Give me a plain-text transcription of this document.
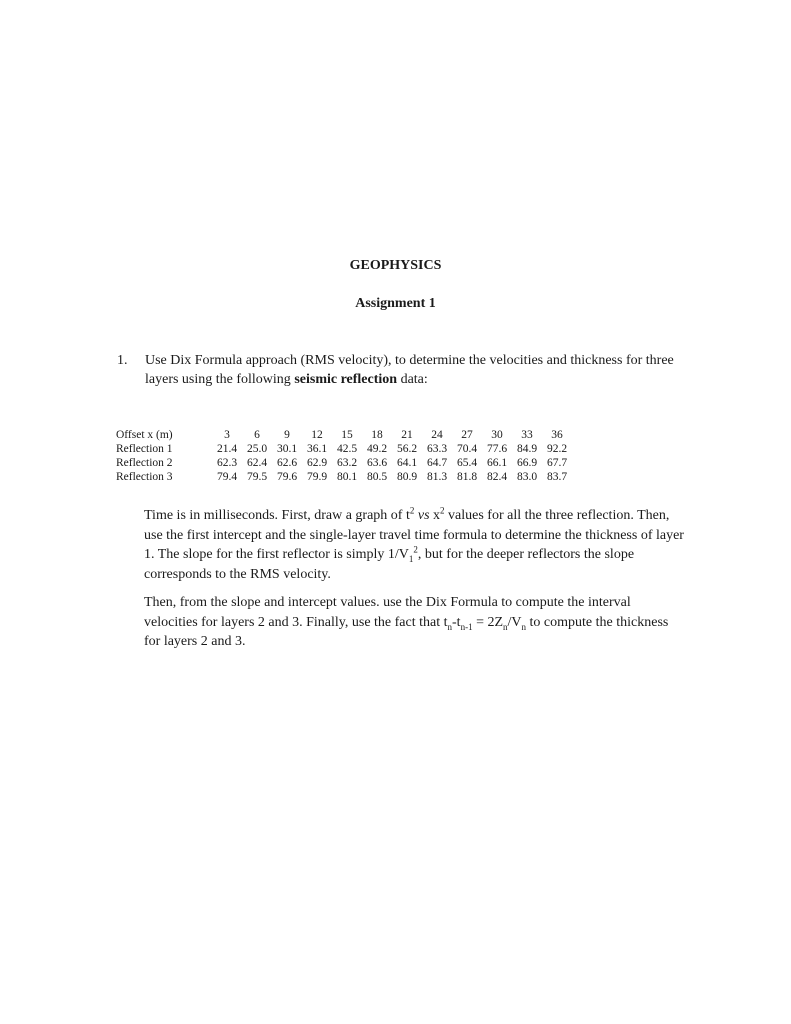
GEOPHYSICS
Assignment 1
1. Use Dix Formula approach (RMS velocity), to determine the velocities and thickness for three layers using the following seismic reflection data:
Offset x (m)	3	6	9	12	15	18	21	24	27	30	33	36
Reflection 1	21.4	25.0	30.1	36.1	42.5	49.2	56.2	63.3	70.4	77.6	84.9	92.2
Reflection 2	62.3	62.4	62.6	62.9	63.2	63.6	64.1	64.7	65.4	66.1	66.9	67.7
Reflection 3	79.4	79.5	79.6	79.9	80.1	80.5	80.9	81.3	81.8	82.4	83.0	83.7

Time is in milliseconds. First, draw a graph of $t^2$ vs $x^2$ values for all the three reflection. Then, use the first intercept and the single-layer travel time formula to determine the thickness of layer 1. The slope for the first reflector is simply $1/V_1^2$, but for the deeper reflectors the slope corresponds to the RMS velocity.

Then, from the slope and intercept values. use the Dix Formula to compute the interval velocities for layers 2 and 3. Finally, use the fact that $t_n-t_{n-1} = 2Z_n/V_n$ to compute the thickness for layers 2 and 3.
